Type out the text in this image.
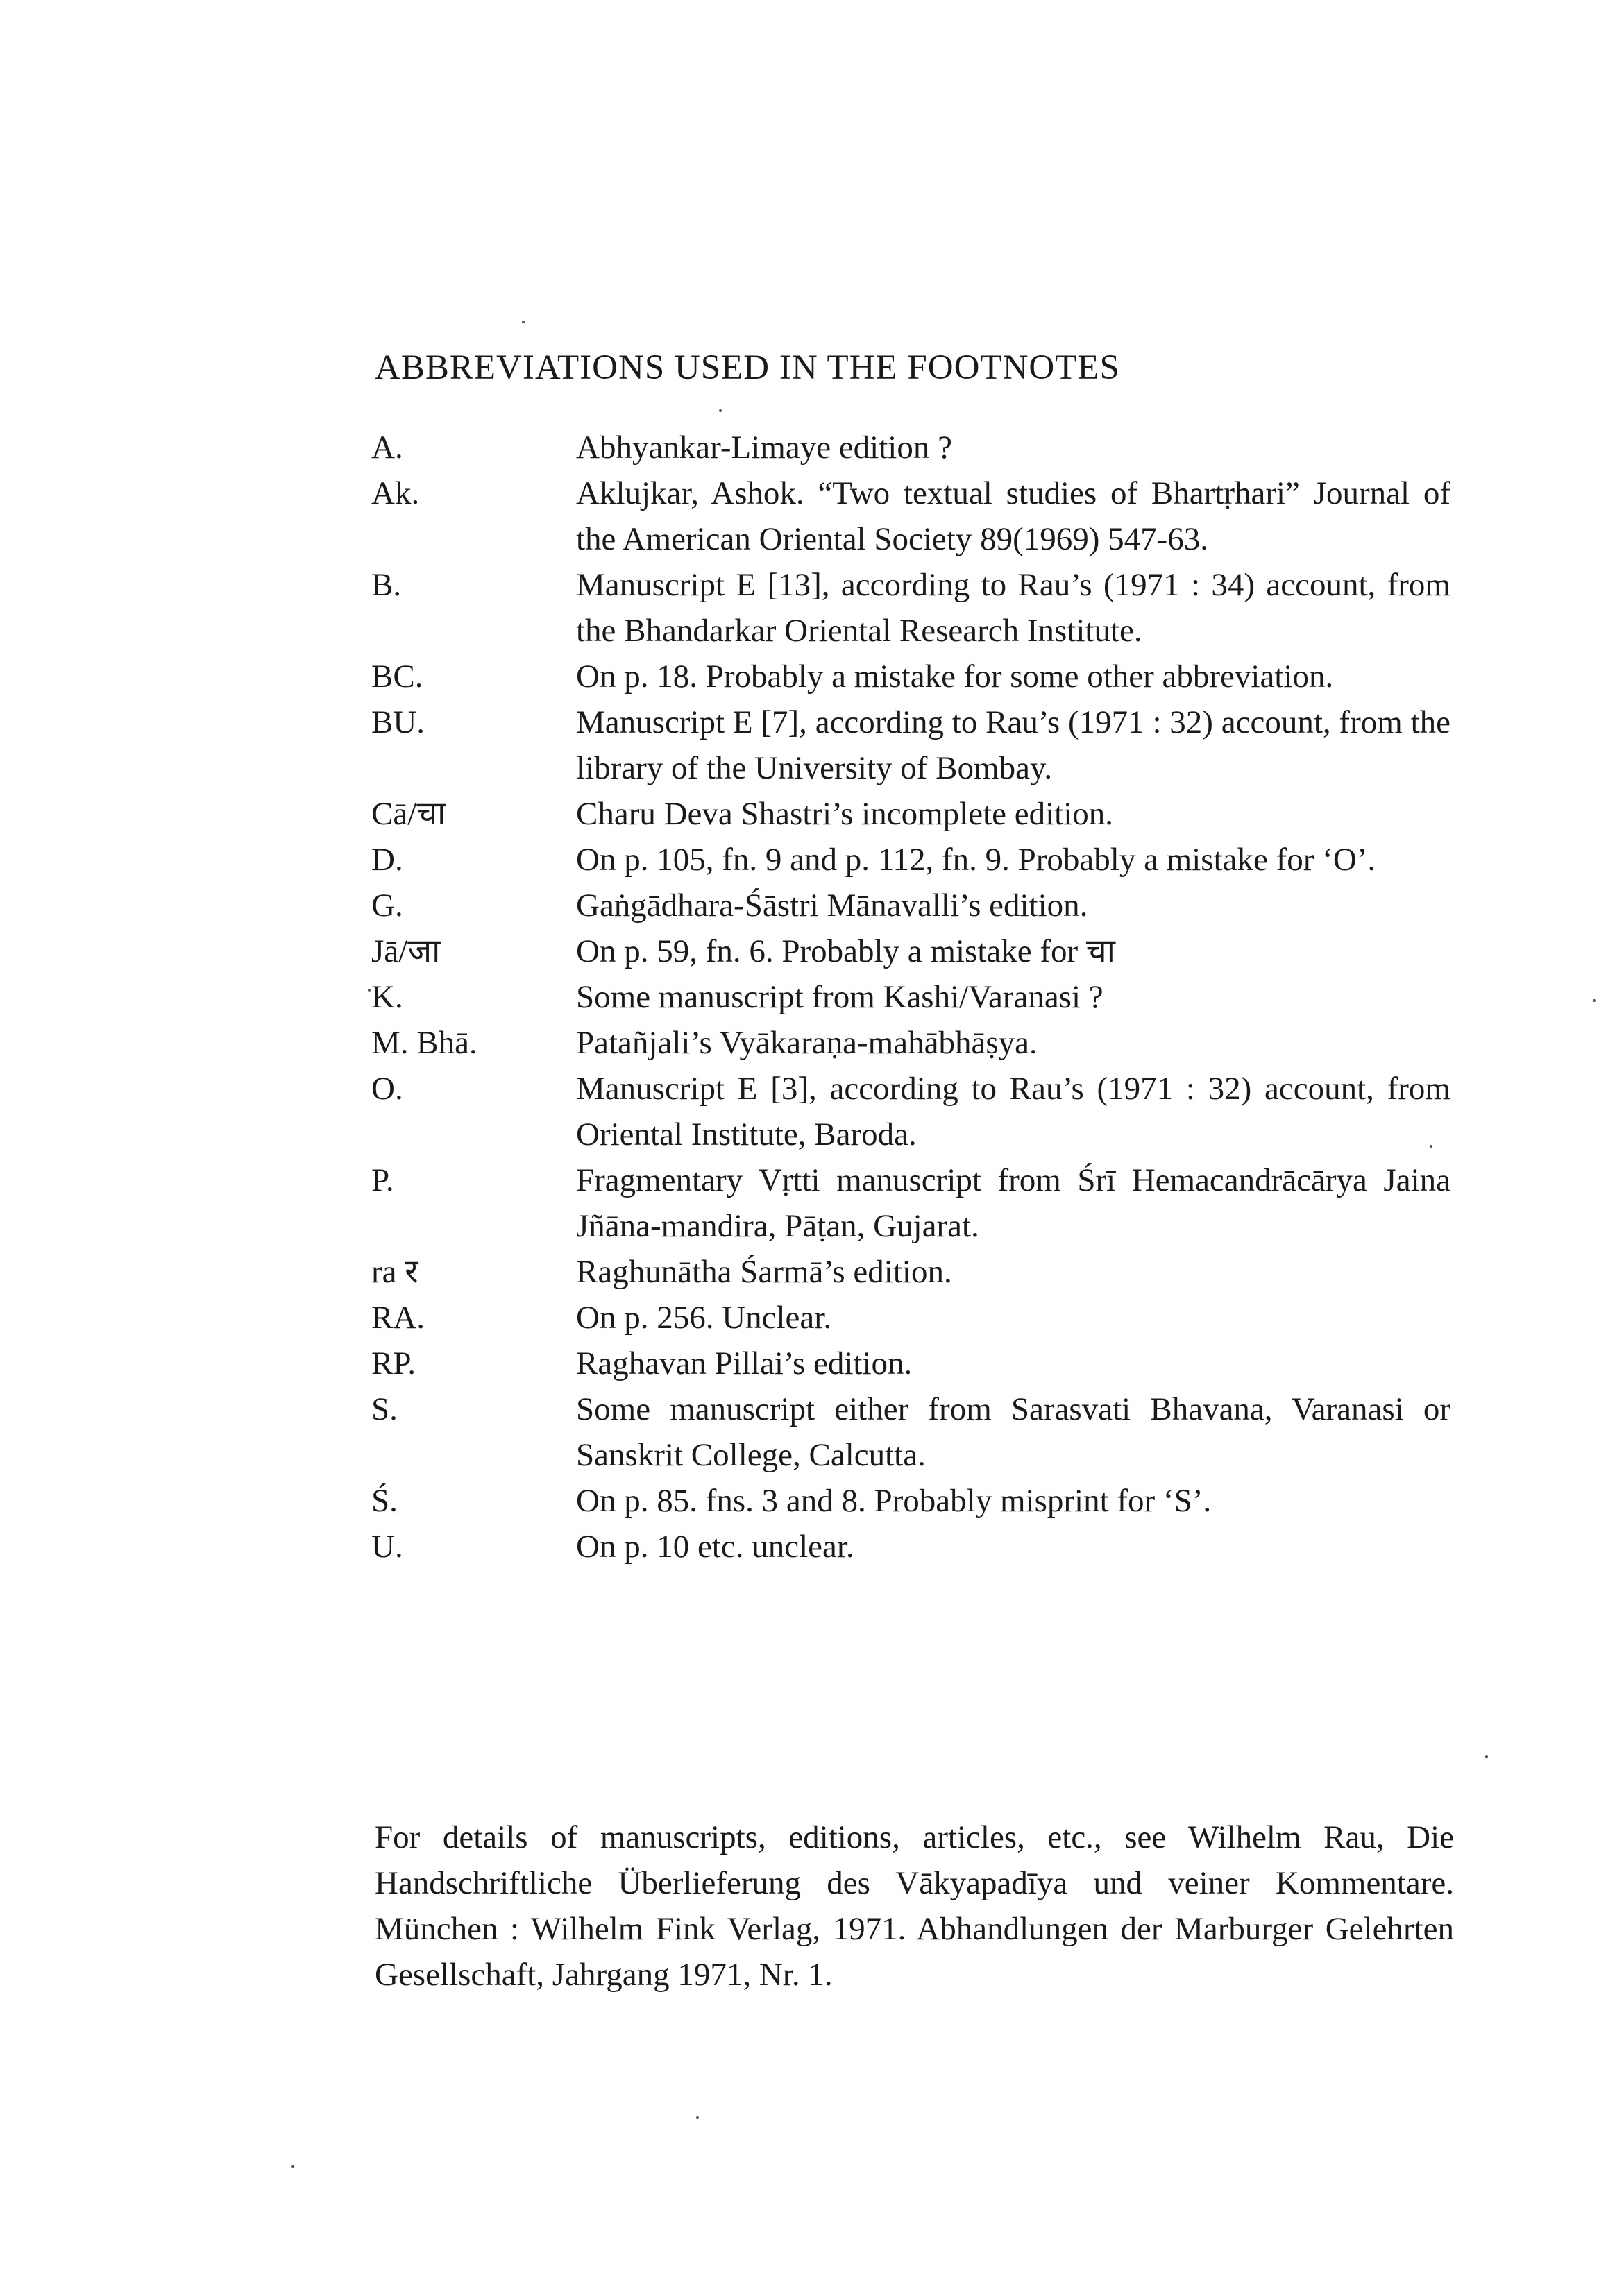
ABBREVIATIONS USED IN THE FOOTNOTES
A.	Abhyankar-Limaye edition ?
Ak.	Aklujkar, Ashok. “Two textual studies of Bhartṛhari” Journal of the American Oriental Society 89(1969) 547-63.
B.	Manuscript E [13], according to Rau’s (1971 : 34) account, from the Bhandarkar Oriental Research Institute.
BC.	On p. 18. Probably a mistake for some other abbreviation.
BU.	Manuscript E [7], according to Rau’s (1971 : 32) account, from the library of the University of Bombay.
Cā/चा	Charu Deva Shastri’s incomplete edition.
D.	On p. 105, fn. 9 and p. 112, fn. 9. Probably a mistake for ‘O’.
G.	Gaṅgādhara-Śāstri Mānavalli’s edition.
Jā/जा	On p. 59, fn. 6. Probably a mistake for चा
K.	Some manuscript from Kashi/Varanasi ?
M. Bhā.	Patañjali’s Vyākaraṇa-mahābhāṣya.
O.	Manuscript E [3], according to Rau’s (1971 : 32) account, from Oriental Institute, Baroda.
P.	Fragmentary Vṛtti manuscript from Śrī Hemacandrācārya Jaina Jñāna-mandira, Pāṭan, Gujarat.
ra र	Raghunātha Śarmā’s edition.
RA.	On p. 256. Unclear.
RP.	Raghavan Pillai’s edition.
S.	Some manuscript either from Sarasvati Bhavana, Varanasi or Sanskrit College, Calcutta.
Ś.	On p. 85. fns. 3 and 8. Probably misprint for ‘S’.
U.	On p. 10 etc. unclear.
For details of manuscripts, editions, articles, etc., see Wilhelm Rau, Die Handschriftliche Überlieferung des Vākyapadīya und veiner Kommentare. München : Wilhelm Fink Verlag, 1971. Abhandlungen der Marburger Gelehrten Gesellschaft, Jahrgang 1971, Nr. 1.
